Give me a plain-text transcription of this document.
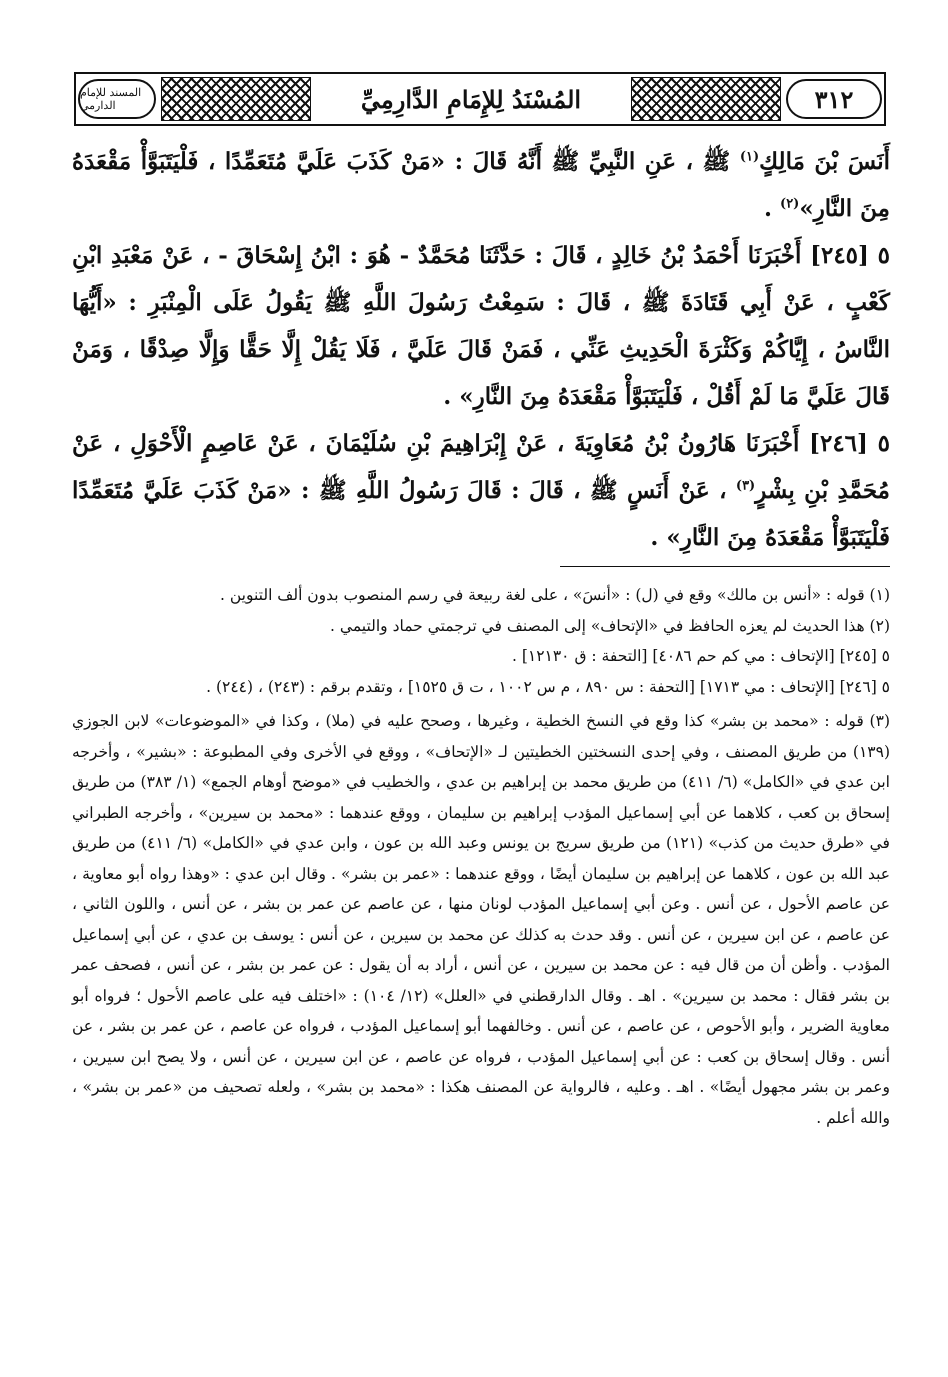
المسند للإمام الدارمي	المُسْنَدُ لِلإِمَامِ الدَّارِمِيِّ	٣١٢

أَنَسَ بْنَ مَالِكٍ$^{(١)}$ ﷺ ، عَنِ النَّبِيِّ ﷺ أَنَّهُ قَالَ : «مَنْ كَذَبَ عَلَيَّ مُتَعَمِّدًا ، فَلْيَتَبَوَّأْ مَقْعَدَهُ مِنَ النَّارِ»$^{(٢)}$ .

٥ [٢٤٥] أَخْبَرَنَا أَحْمَدُ بْنُ خَالِدٍ ، قَالَ : حَدَّثَنَا مُحَمَّدٌ - هُوَ : ابْنُ إِسْحَاقَ - ، عَنْ مَعْبَدِ ابْنِ كَعْبٍ ، عَنْ أَبِي قَتَادَةَ ﷺ ، قَالَ : سَمِعْتُ رَسُولَ اللَّهِ ﷺ يَقُولُ عَلَى الْمِنْبَرِ : «أَيُّهَا النَّاسُ ، إِيَّاكُمْ وَكَثْرَةَ الْحَدِيثِ عَنِّي ، فَمَنْ قَالَ عَلَيَّ ، فَلَا يَقُلْ إِلَّا حَقًّا وَإِلَّا صِدْقًا ، وَمَنْ قَالَ عَلَيَّ مَا لَمْ أَقُلْ ، فَلْيَتَبَوَّأْ مَقْعَدَهُ مِنَ النَّارِ» .

٥ [٢٤٦] أَخْبَرَنَا هَارُونُ بْنُ مُعَاوِيَةَ ، عَنْ إِبْرَاهِيمَ بْنِ سُلَيْمَانَ ، عَنْ عَاصِمٍ الْأَحْوَلِ ، عَنْ مُحَمَّدِ بْنِ بِشْرٍ$^{(٣)}$ ، عَنْ أَنَسٍ ﷺ ، قَالَ : قَالَ رَسُولُ اللَّهِ ﷺ : «مَنْ كَذَبَ عَلَيَّ مُتَعَمِّدًا فَلْيَتَبَوَّأْ مَقْعَدَهُ مِنَ النَّارِ» .

(١) قوله : «أنس بن مالك» وقع في (ل) : «أنسَ» ، على لغة ربيعة في رسم المنصوب بدون ألف التنوين .

(٢) هذا الحديث لم يعزه الحافظ في «الإتحاف» إلى المصنف في ترجمتي حماد والتيمي .

٥ [٢٤٥] [الإتحاف : مي كم حم ٤٠٨٦] [التحفة : ق ١٢١٣٠] .

٥ [٢٤٦] [الإتحاف : مي ١٧١٣] [التحفة : س ٨٩٠ ، م س ١٠٠٢ ، ت ق ١٥٢٥] ، وتقدم برقم : (٢٤٣) ، (٢٤٤) .

(٣) قوله : «محمد بن بشر» كذا وقع في النسخ الخطية ، وغيرها ، وصحح عليه في (ملا) ، وكذا في «الموضوعات» لابن الجوزي (١٣٩) من طريق المصنف ، وفي إحدى النسختين الخطيتين لـ «الإتحاف» ، ووقع في الأخرى وفي المطبوعة : «بشير» ، وأخرجه ابن عدي في «الكامل» (٦/ ٤١١) من طريق محمد بن إبراهيم بن عدي ، والخطيب في «موضح أوهام الجمع» (١/ ٣٨٣) من طريق إسحاق بن كعب ، كلاهما عن أبي إسماعيل المؤدب إبراهيم بن سليمان ، ووقع عندهما : «محمد بن سيرين» ، وأخرجه الطبراني في «طرق حديث من كذب» (١٢١) من طريق سريج بن يونس وعبد الله بن عون ، وابن عدي في «الكامل» (٦/ ٤١١) من طريق عبد الله بن عون ، كلاهما عن إبراهيم بن سليمان أيضًا ، ووقع عندهما : «عمر بن بشر» . وقال ابن عدي : «وهذا رواه أبو معاوية ، عن عاصم الأحول ، عن أنس . وعن أبي إسماعيل المؤدب لونان منها ، عن عاصم عن عمر بن بشر ، عن أنس ، واللون الثاني ، عن عاصم ، عن ابن سيرين ، عن أنس . وقد حدث به كذلك عن محمد بن سيرين ، عن أنس : يوسف بن عدي ، عن أبي إسماعيل المؤدب . وأظن أن من قال فيه : عن محمد بن سيرين ، عن أنس ، أراد به أن يقول : عن عمر بن بشر ، عن أنس ، فصحف عمر بن بشر فقال : محمد بن سيرين» . اهـ . وقال الدارقطني في «العلل» (١٢/ ١٠٤) : «اختلف فيه على عاصم الأحول ؛ فرواه أبو معاوية الضرير ، وأبو الأحوص ، عن عاصم ، عن أنس . وخالفهما أبو إسماعيل المؤدب ، فرواه عن عاصم ، عن عمر بن بشر ، عن أنس . وقال إسحاق بن كعب : عن أبي إسماعيل المؤدب ، فرواه عن عاصم ، عن ابن سيرين ، عن أنس ، ولا يصح ابن سيرين ، وعمر بن بشر مجهول أيضًا» . اهـ . وعليه ، فالرواية عن المصنف هكذا : «محمد بن بشر» ، ولعله تصحيف من «عمر بن بشر» ، والله أعلم .
